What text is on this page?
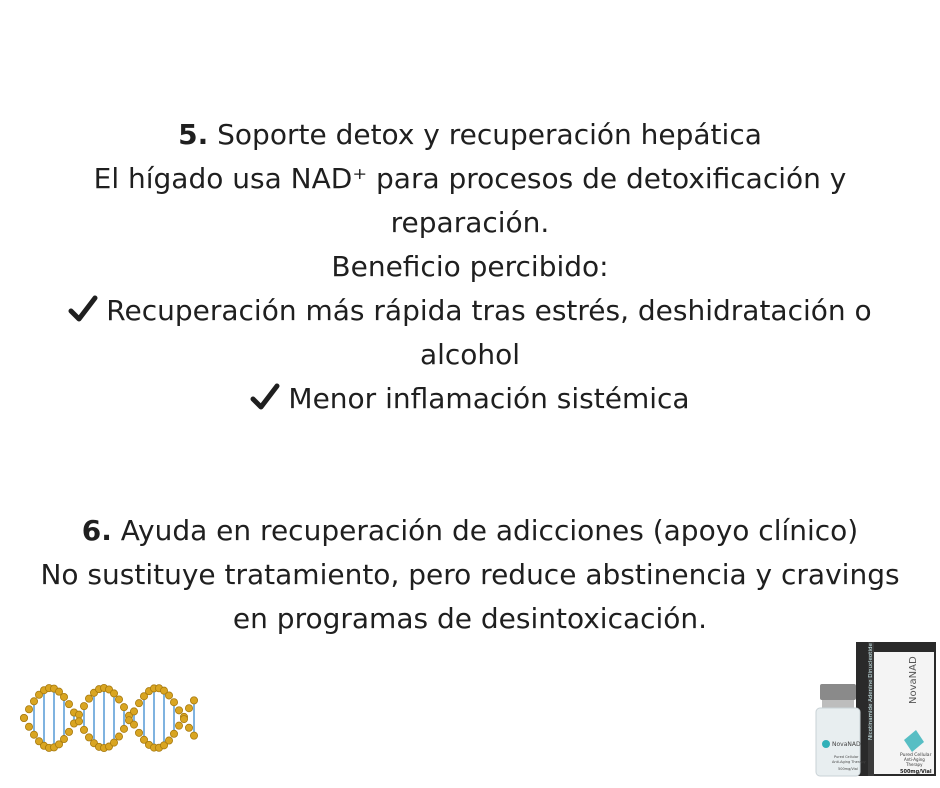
5. Soporte detox y recuperación hepática
El hígado usa NAD⁺ para procesos de detoxificación y
reparación.
Beneficio percibido:
Recuperación más rápida tras estrés, deshidratación o
alcohol
Menor inflamación sistémica
6. Ayuda en recuperación de adicciones (apoyo clínico)
No sustituye tratamiento, pero reduce abstinencia y cravings
en programas de desintoxicación.
Nicotinamide Adenine Dinucleotide	NovaNAD
Pured Cellular
Anti-Aging
Therapy
500mg/Vial
NovaNAD
Pured Cellular
Anti-Aging Therapy
500mg/Vial
